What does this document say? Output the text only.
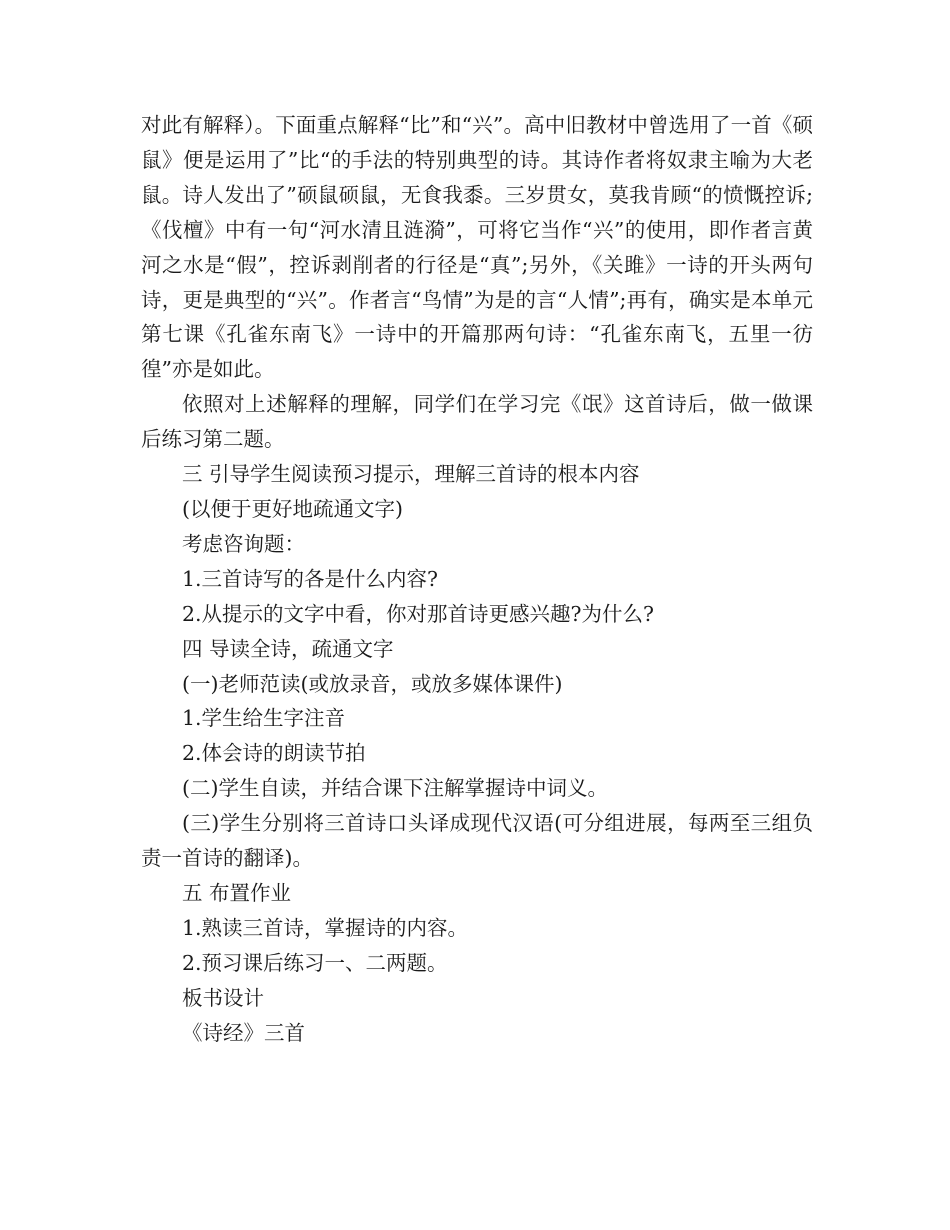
对此有解释）。下面重点解释“比”和“兴”。高中旧教材中曾选用了一首《硕鼠》便是运用了”比“的手法的特别典型的诗。其诗作者将奴隶主喻为大老鼠。诗人发出了”硕鼠硕鼠，无食我黍。三岁贯女，莫我肯顾“的愤慨控诉;《伐檀》中有一句“河水清且涟漪”，可将它当作“兴”的使用，即作者言黄河之水是“假”，控诉剥削者的行径是“真”;另外，《关雎》一诗的开头两句诗，更是典型的“兴”。作者言“鸟情”为是的言“人情”;再有，确实是本单元第七课《孔雀东南飞》一诗中的开篇那两句诗：“孔雀东南飞，五里一彷徨”亦是如此。

依照对上述解释的理解，同学们在学习完《氓》这首诗后，做一做课后练习第二题。

三 引导学生阅读预习提示，理解三首诗的根本内容

(以便于更好地疏通文字)

考虑咨询题：

1.三首诗写的各是什么内容?

2.从提示的文字中看，你对那首诗更感兴趣?为什么?

四 导读全诗，疏通文字

(一)老师范读(或放录音，或放多媒体课件)

1.学生给生字注音

2.体会诗的朗读节拍

(二)学生自读，并结合课下注解掌握诗中词义。

(三)学生分别将三首诗口头译成现代汉语(可分组进展，每两至三组负责一首诗的翻译)。

五 布置作业

1.熟读三首诗，掌握诗的内容。

2.预习课后练习一、二两题。

板书设计

《诗经》三首
